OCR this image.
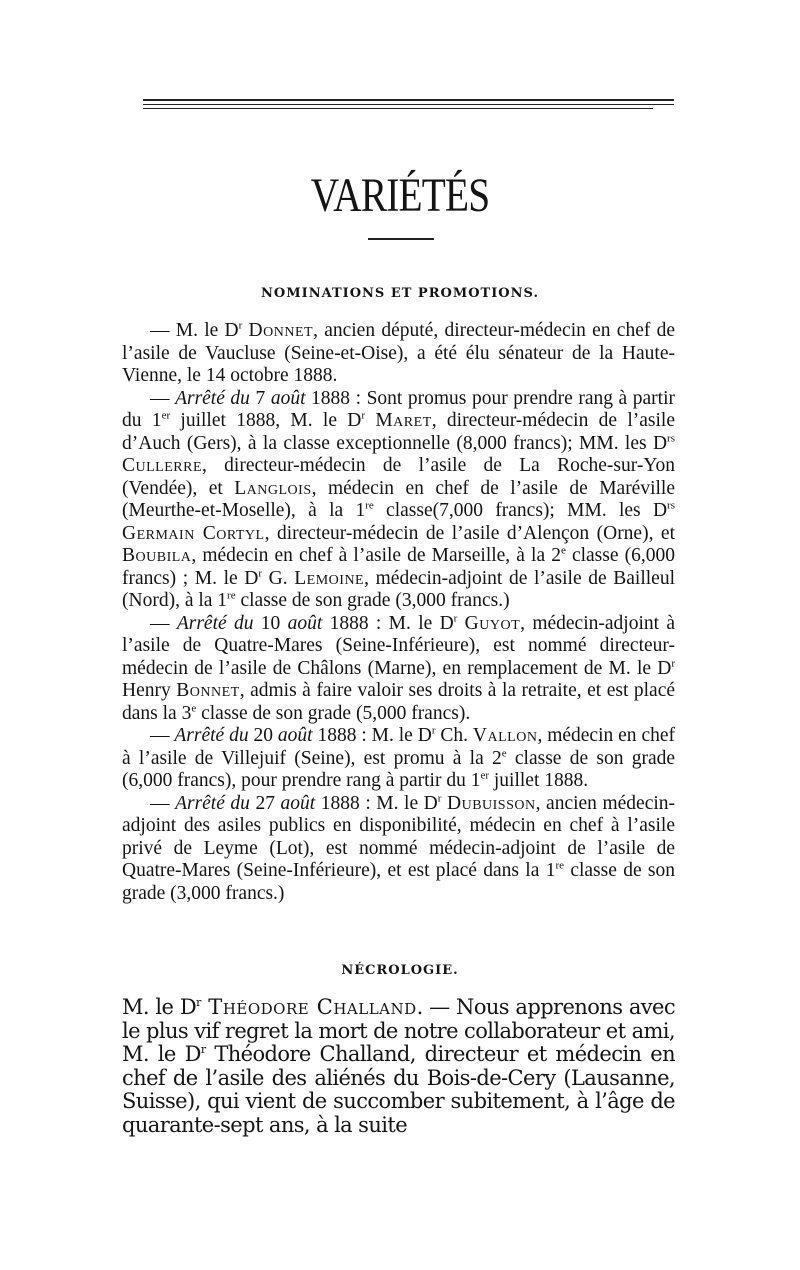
VARIÉTÉS
NOMINATIONS ET PROMOTIONS.

— M. le $D^r$ Donnet, ancien député, directeur-médecin en chef de l’asile de Vaucluse (Seine-et-Oise), a été élu sénateur de la Haute-Vienne, le 14 octobre 1888.

— Arrêté du 7 août 1888 : Sont promus pour prendre rang à partir du 1er juillet 1888, M. le $D^r$ Maret, directeur-médecin de l’asile d’Auch (Gers), à la classe exceptionnelle (8,000 francs); MM. les $D^{rs}$ Cullerre, directeur-médecin de l’asile de La Roche-sur-Yon (Vendée), et Langlois, médecin en chef de l’asile de Maréville (Meurthe-et-Moselle), à la 1re classe(7,000 francs); MM. les $D^{rs}$ Germain Cortyl, directeur-médecin de l’asile d’Alençon (Orne), et Boubila, médecin en chef à l’asile de Marseille, à la 2e classe (6,000 francs) ; M. le $D^r$ G. Lemoine, médecin-adjoint de l’asile de Bailleul (Nord), à la 1re classe de son grade (3,000 francs.)

— Arrêté du 10 août 1888 : M. le $D^r$ Guyot, médecin-adjoint à l’asile de Quatre-Mares (Seine-Inférieure), est nommé directeur-médecin de l’asile de Châlons (Marne), en remplacement de M. le $D^r$ Henry Bonnet, admis à faire valoir ses droits à la retraite, et est placé dans la 3e classe de son grade (5,000 francs).

— Arrêté du 20 août 1888 : M. le $D^r$ Ch. Vallon, médecin en chef à l’asile de Villejuif (Seine), est promu à la 2e classe de son grade (6,000 francs), pour prendre rang à partir du 1er juillet 1888.

— Arrêté du 27 août 1888 : M. le $D^r$ Dubuisson, ancien médecin-adjoint des asiles publics en disponibilité, médecin en chef à l’asile privé de Leyme (Lot), est nommé médecin-adjoint de l’asile de Quatre-Mares (Seine-Inférieure), et est placé dans la 1re classe de son grade (3,000 francs.)

NÉCROLOGIE.

M. le $D^r$ Théodore Challand. — Nous apprenons avec le plus vif regret la mort de notre collaborateur et ami, M. le $D^r$ Théodore Challand, directeur et médecin en chef de l’asile des aliénés du Bois-de-Cery (Lausanne, Suisse), qui vient de succomber subitement, à l’âge de quarante-sept ans, à la suite
